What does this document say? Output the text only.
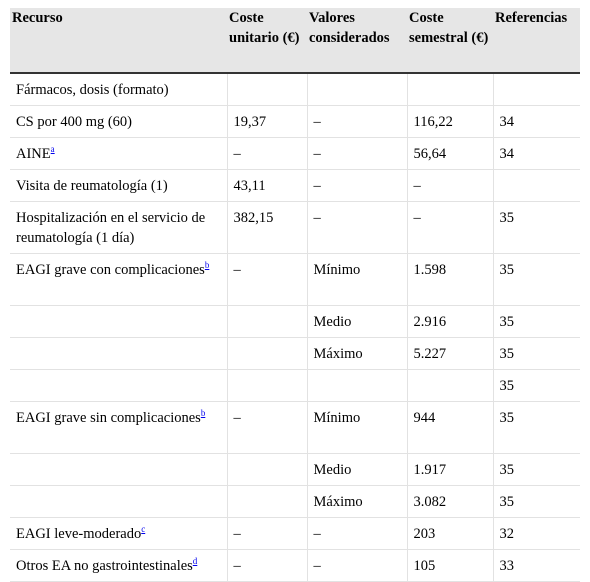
Recurso	Coste unitario (€)	Valores considerados	Coste semestral (€)	Referencias
Fármacos, dosis (formato)				
CS por 400 mg (60)	19,37	–	116,22	34
AINE$^a$	–	–	56,64	34
Visita de reumatología (1)	43,11	–	–	
Hospitalización en el servicio de reumatología (1 día)	382,15	–	–	35
EAGI grave con complicaciones$^b$	–	Mínimo	1.598	35
		Medio	2.916	35
		Máximo	5.227	35
				35
EAGI grave sin complicaciones$^b$	–	Mínimo	944	35
		Medio	1.917	35
		Máximo	3.082	35
EAGI leve-moderado$^c$	–	–	203	32
Otros EA no gastrointestinales$^d$	–	–	105	33
